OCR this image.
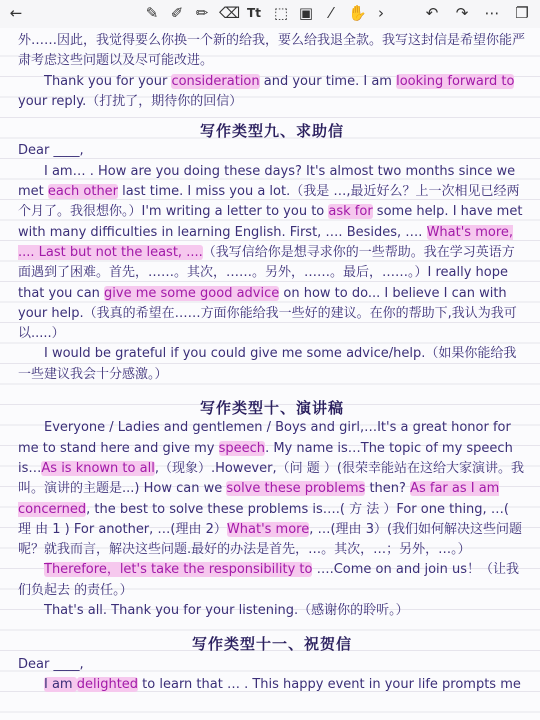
←	✎ ✐ ✏ ⌫ Tt ⬚ ▣	⁄	✋ ›	↶ ↷ ⋯ ❐

外……因此，我觉得要么你换一个新的给我，要么给我退全款。我写这封信是希望你能严肃考虑这些问题以及尽可能改进。

Thank you for your consideration and your time. I am looking forward to your reply.（打扰了，期待你的回信）

写作类型九、求助信

Dear ____,

I am… . How are you doing these days? It's almost two months since we met each other last time. I miss you a lot.（我是 …,最近好么？上一次相见已经两个月了。我很想你。）I'm writing a letter to you to ask for some help. I have met with many difficulties in learning English. First, …. Besides, …. What's more, .... Last but not the least, ....（我写信给你是想寻求你的一些帮助。我在学习英语方面遇到了困难。首先，……。其次，……。另外，……。最后，……。）I really hope that you can give me some good advice on how to do... I believe I can with your help.（我真的希望在……方面你能给我一些好的建议。在你的帮助下,我认为我可以.....）

I would be grateful if you could give me some advice/help.（如果你能给我一些建议我会十分感激。）

写作类型十、演讲稿

Everyone / Ladies and gentlemen / Boys and girl,…It's a great honor for me to stand here and give my speech. My name is…The topic of my speech is…As is known to all,（现象）.However,（问 题 ）(很荣幸能站在这给大家演讲。我叫。演讲的主题是...) How can we solve these problems then? As far as I am concerned, the best to solve these problems is….( 方 法 ）For one thing, …( 理 由 1 ) For another, …(理由 2）What's more, …(理由 3）(我们如何解决这些问题呢？就我而言，解决这些问题.最好的办法是首先，…。其次，…；另外，…。）

Therefore，let's take the responsibility to ….Come on and join us！（让我们负起去 的责任。）

That's all. Thank you for your listening.（感谢你的聆听。）

写作类型十一、祝贺信

Dear ____,

I am delighted to learn that … . This happy event in your life prompts me
